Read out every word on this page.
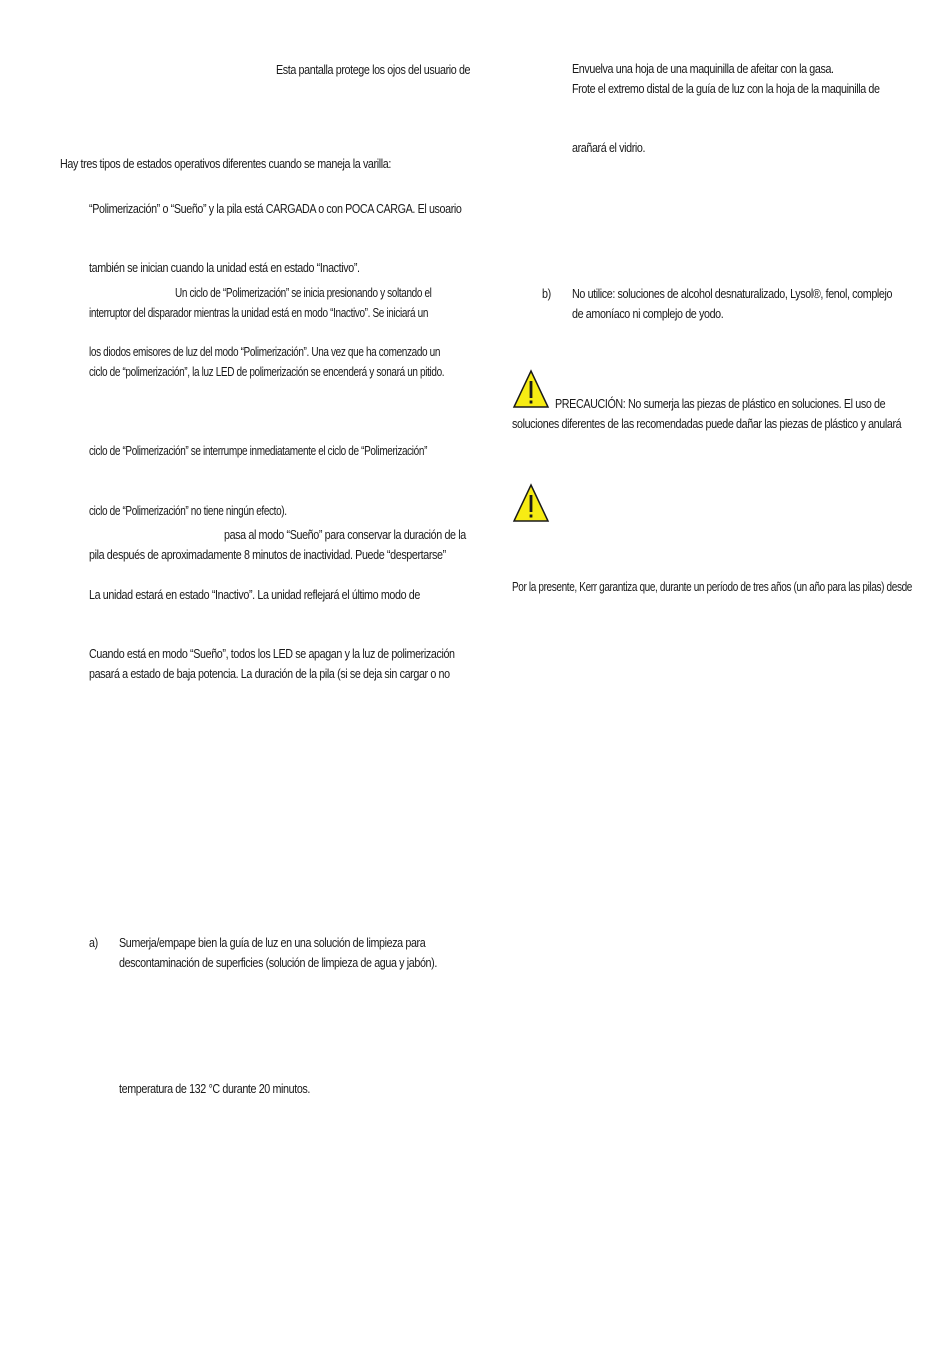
Esta pantalla protege los ojos del usuario de
Hay tres tipos de estados operativos diferentes cuando se maneja la varilla:
“Polimerización” o “Sueño” y la pila está CARGADA o con POCA CARGA. El usoario
también se inician cuando la unidad está en estado “Inactivo”.
Un ciclo de “Polimerización” se inicia presionando y soltando el
interruptor del disparador mientras la unidad está en modo “Inactivo”. Se iniciará un
los diodos emisores de luz del modo “Polimerización”. Una vez que ha comenzado un
ciclo de “polimerización”, la luz LED de polimerización se encenderá y sonará un pitido.
ciclo de “Polimerización” se interrumpe inmediatamente el ciclo de “Polimerización”
ciclo de “Polimerización” no tiene ningún efecto).
pasa al modo “Sueño” para conservar la duración de la
pila después de aproximadamente 8 minutos de inactividad. Puede “despertarse”
La unidad estará en estado “Inactivo”. La unidad reflejará el último modo de
Cuando está en modo “Sueño”, todos los LED se apagan y la luz de polimerización
pasará a estado de baja potencia. La duración de la pila (si se deja sin cargar o no
a) Sumerja/empape bien la guía de luz en una solución de limpieza para
descontaminación de superficies (solución de limpieza de agua y jabón).
temperatura de 132 °C durante 20 minutos.
Envuelva una hoja de una maquinilla de afeitar con la gasa.
Frote el extremo distal de la guía de luz con la hoja de la maquinilla de
arañará el vidrio.
b) No utilice: soluciones de alcohol desnaturalizado, Lysol®, fenol, complejo
de amoníaco ni complejo de yodo.
PRECAUCIÓN: No sumerja las piezas de plástico en soluciones. El uso de
soluciones diferentes de las recomendadas puede dañar las piezas de plástico y anulará
Por la presente, Kerr garantiza que, durante un período de tres años (un año para las pilas) desde
